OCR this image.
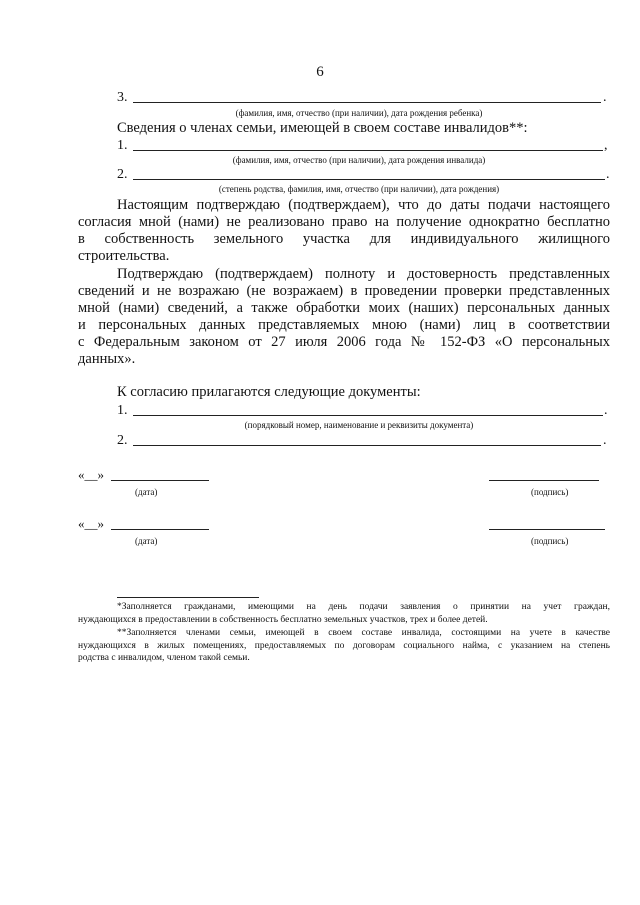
6
3.	.
(фамилия, имя, отчество (при наличии), дата рождения ребенка)
Сведения о членах семьи, имеющей в своем составе инвалидов**:
1.	,
(фамилия, имя, отчество (при наличии), дата рождения инвалида)
2.	.
(степень родства, фамилия, имя, отчество (при наличии), дата рождения)

Настоящим подтверждаю (подтверждаем), что до даты подачи настоящего
согласия мной (нами) не реализовано право на получение однократно бесплатно
в собственность земельного участка для индивидуального жилищного
строительства.

Подтверждаю (подтверждаем) полноту и достоверность представленных
сведений и не возражаю (не возражаем) в проведении проверки представленных
мной (нами) сведений, а также обработки моих (наших) персональных данных
и персональных данных представляемых мною (нами) лиц в соответствии
с Федеральным законом от 27 июля 2006 года № 152-ФЗ «О персональных
данных».

К согласию прилагаются следующие документы:
1.	.
(порядковый номер, наименование и реквизиты документа)
2.	.
«__»
(дата)	(подпись)
«__»
(дата)	(подпись)

*Заполняется гражданами, имеющими на день подачи заявления о принятии на учет граждан,
нуждающихся в предоставлении в собственность бесплатно земельных участков, трех и более детей.

**Заполняется членами семьи, имеющей в своем составе инвалида, состоящими на учете в качестве
нуждающихся в жилых помещениях, предоставляемых по договорам социального найма, с указанием на степень
родства с инвалидом, членом такой семьи.
